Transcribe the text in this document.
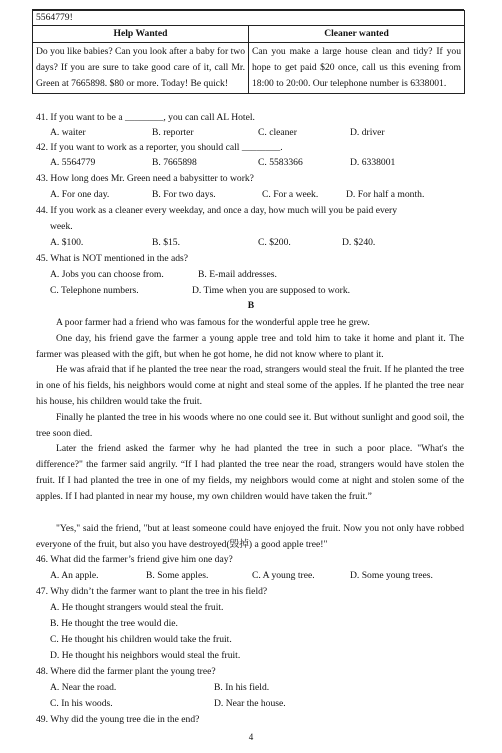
5564779!	
Help Wanted	Cleaner wanted
Do you like babies? Can you look after a baby for two days? If you are sure to take good care of it, call Mr. Green at 7665898. $80 or more. Today! Be quick!	Can you make a large house clean and tidy? If you hope to get paid $20 once, call us this evening from 18:00 to 20:00. Our telephone number is 6338001.
41. If you want to be a ________, you can call AL Hotel.
A. waiter	B. reporter	C. cleaner	D. driver
42. If you want to work as a reporter, you should call ________.
A. 5564779	B. 7665898	C. 5583366	D. 6338001
43. How long does Mr. Green need a babysitter to work?
A. For one day.	B. For two days.	C. For a week.	D. For half a month.
44. If you work as a cleaner every weekday, and once a day, how much will you be paid every
week.
A. $100.	B. $15.	C. $200.	D. $240.
45. What is NOT mentioned in the ads?
A. Jobs you can choose from.	B. E-mail addresses.
C. Telephone numbers.	D. Time when you are supposed to work.
B
A poor farmer had a friend who was famous for the wonderful apple tree he grew.
One day, his friend gave the farmer a young apple tree and told him to take it home and plant it. The farmer was pleased with the gift, but when he got home, he did not know where to plant it.
He was afraid that if he planted the tree near the road, strangers would steal the fruit. If he planted the tree in one of his fields, his neighbors would come at night and steal some of the apples. If he planted the tree near his house, his children would take the fruit.
Finally he planted the tree in his woods where no one could see it. But without sunlight and good soil, the tree soon died.
Later the friend asked the farmer why he had planted the tree in such a poor place. "What's the difference?" the farmer said angrily. “If I had planted the tree near the road, strangers would have stolen the fruit. If I had planted the tree in one of my fields, my neighbors would come at night and stolen some of the apples. If I had planted in near my house, my own children would have taken the fruit.”
"Yes," said the friend, "but at least someone could have enjoyed the fruit. Now you not only have robbed everyone of the fruit, but also you have destroyed(毁掉) a good apple tree!"
46. What did the farmer’s friend give him one day?
A. An apple.	B. Some apples.	C. A young tree.	D. Some young trees.
47. Why didn’t the farmer want to plant the tree in his field?
A. He thought strangers would steal the fruit.
B. He thought the tree would die.
C. He thought his children would take the fruit.
D. He thought his neighbors would steal the fruit.
48. Where did the farmer plant the young tree?
A. Near the road.	B. In his field.
C. In his woods.	D. Near the house.
49. Why did the young tree die in the end?
4
